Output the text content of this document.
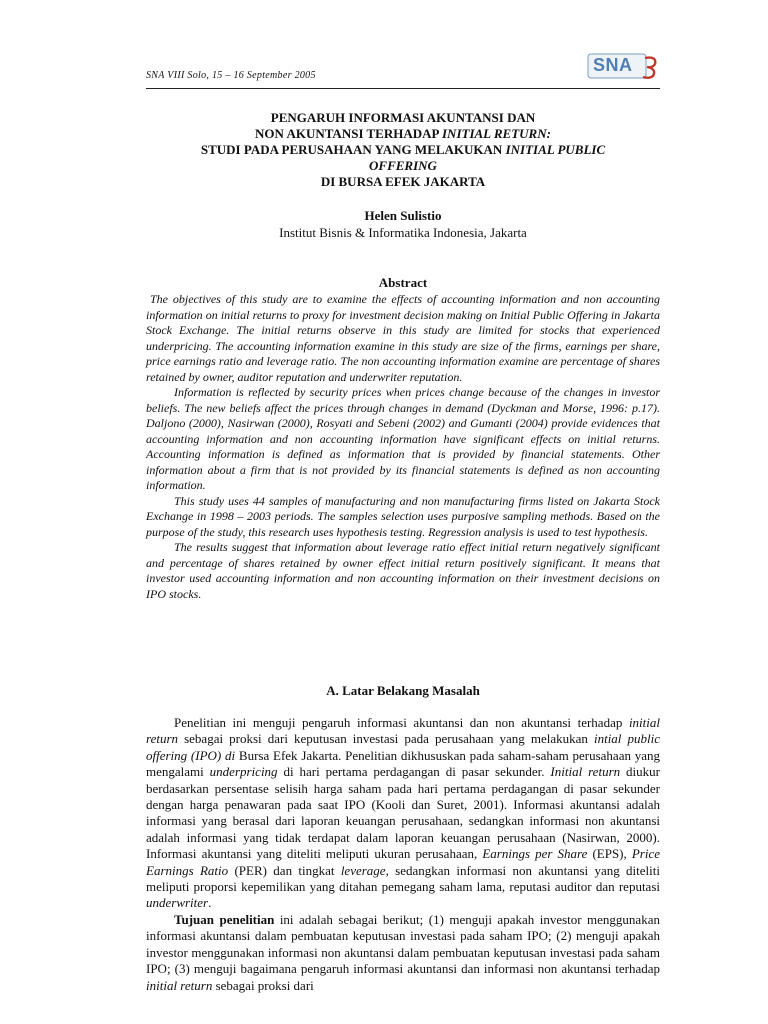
SNA VIII Solo, 15 – 16 September 2005
SNA
PENGARUH INFORMASI AKUNTANSI DAN
NON AKUNTANSI TERHADAP INITIAL RETURN:
STUDI PADA PERUSAHAAN YANG MELAKUKAN INITIAL PUBLIC
OFFERING
DI BURSA EFEK JAKARTA
Helen Sulistio
Institut Bisnis & Informatika Indonesia, Jakarta
Abstract

The objectives of this study are to examine the effects of accounting information and non accounting information on initial returns to proxy for investment decision making on Initial Public Offering in Jakarta Stock Exchange. The initial returns observe in this study are limited for stocks that experienced underpricing. The accounting information examine in this study are size of the firms, earnings per share, price earnings ratio and leverage ratio. The non accounting information examine are percentage of shares retained by owner, auditor reputation and underwriter reputation.

Information is reflected by security prices when prices change because of the changes in investor beliefs. The new beliefs affect the prices through changes in demand (Dyckman and Morse, 1996: p.17). Daljono (2000), Nasirwan (2000), Rosyati and Sebeni (2002) and Gumanti (2004) provide evidences that accounting information and non accounting information have significant effects on initial returns. Accounting information is defined as information that is provided by financial statements. Other information about a firm that is not provided by its financial statements is defined as non accounting information.

This study uses 44 samples of manufacturing and non manufacturing firms listed on Jakarta Stock Exchange in 1998 – 2003 periods. The samples selection uses purposive sampling methods. Based on the purpose of the study, this research uses hypothesis testing. Regression analysis is used to test hypothesis.

The results suggest that information about leverage ratio effect initial return negatively significant and percentage of shares retained by owner effect initial return positively significant. It means that investor used accounting information and non accounting information on their investment decisions on IPO stocks.

A. Latar Belakang Masalah

Penelitian ini menguji pengaruh informasi akuntansi dan non akuntansi terhadap initial return sebagai proksi dari keputusan investasi pada perusahaan yang melakukan intial public offering (IPO) di Bursa Efek Jakarta. Penelitian dikhususkan pada saham-saham perusahaan yang mengalami underpricing di hari pertama perdagangan di pasar sekunder. Initial return diukur berdasarkan persentase selisih harga saham pada hari pertama perdagangan di pasar sekunder dengan harga penawaran pada saat IPO (Kooli dan Suret, 2001). Informasi akuntansi adalah informasi yang berasal dari laporan keuangan perusahaan, sedangkan informasi non akuntansi adalah informasi yang tidak terdapat dalam laporan keuangan perusahaan (Nasirwan, 2000). Informasi akuntansi yang diteliti meliputi ukuran perusahaan, Earnings per Share (EPS), Price Earnings Ratio (PER) dan tingkat leverage, sedangkan informasi non akuntansi yang diteliti meliputi proporsi kepemilikan yang ditahan pemegang saham lama, reputasi auditor dan reputasi underwriter.

Tujuan penelitian ini adalah sebagai berikut; (1) menguji apakah investor menggunakan informasi akuntansi dalam pembuatan keputusan investasi pada saham IPO; (2) menguji apakah investor menggunakan informasi non akuntansi dalam pembuatan keputusan investasi pada saham IPO; (3) menguji bagaimana pengaruh informasi akuntansi dan informasi non akuntansi terhadap initial return sebagai proksi dari
